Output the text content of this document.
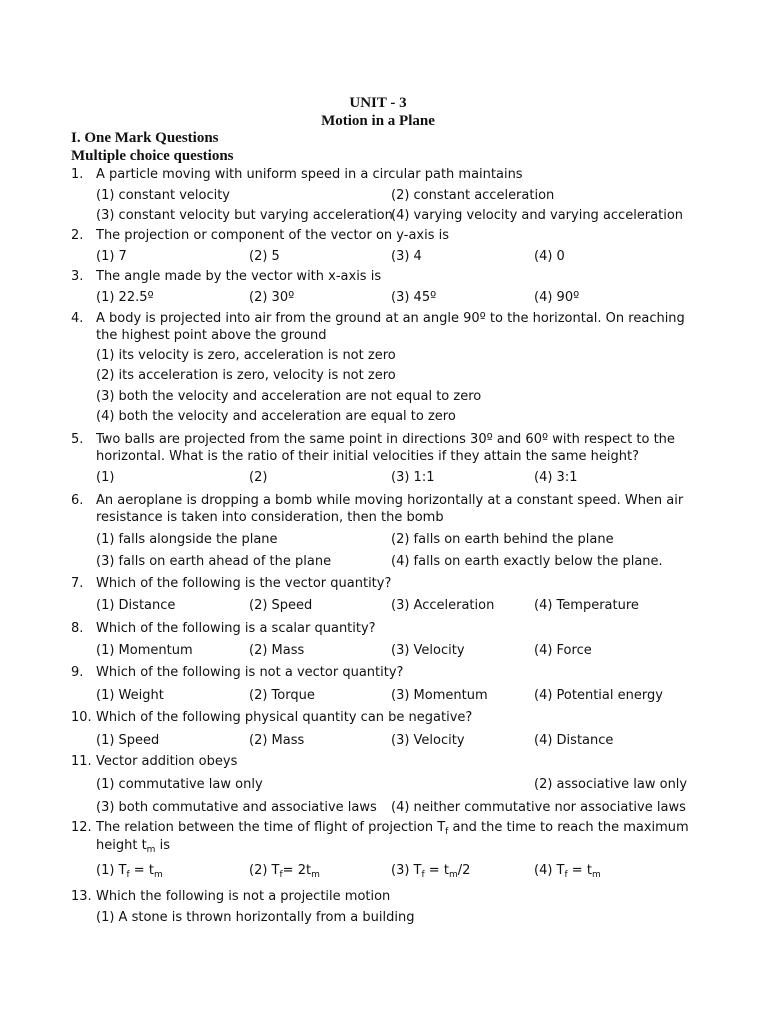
UNIT - 3
Motion in a Plane
I. One Mark Questions
Multiple choice questions
1. A particle moving with uniform speed in a circular path maintains
(1) constant velocity	(2) constant acceleration
(3) constant velocity but varying acceleration
(4) varying velocity and varying acceleration
2. The projection or component of the vector on y-axis is
(1) 7	(2) 5	(3) 4	(4) 0
3. The angle made by the vector with x-axis is
(1) 22.5º	(2) 30º	(3) 45º	(4) 90º
4. A body is projected into air from the ground at an angle 90º to the horizontal. On reaching
the highest point above the ground
(1) its velocity is zero, acceleration is not zero
(2) its acceleration is zero, velocity is not zero
(3) both the velocity and acceleration are not equal to zero
(4) both the velocity and acceleration are equal to zero
5. Two balls are projected from the same point in directions 30º and 60º with respect to the
horizontal. What is the ratio of their initial velocities if they attain the same height?
(1)	(2)	(3) 1:1	(4) 3:1
6. An aeroplane is dropping a bomb while moving horizontally at a constant speed. When air
resistance is taken into consideration, then the bomb
(1) falls alongside the plane	(2) falls on earth behind the plane
(3) falls on earth ahead of the plane	(4) falls on earth exactly below the plane.
7. Which of the following is the vector quantity?
(1) Distance	(2) Speed	(3) Acceleration	(4) Temperature
8. Which of the following is a scalar quantity?
(1) Momentum	(2) Mass	(3) Velocity	(4) Force
9. Which of the following is not a vector quantity?
(1) Weight	(2) Torque	(3) Momentum	(4) Potential energy
10. Which of the following physical quantity can be negative?
(1) Speed	(2) Mass	(3) Velocity	(4) Distance
11. Vector addition obeys
(1) commutative law only	(2) associative law only
(3) both commutative and associative laws (4) neither commutative nor associative laws
12. The relation between the time of flight of projection $T_f$ and the time to reach the maximum
height $t_m$ is
(1) $T_f = t_m$	(2) $T_f= 2t_m$	(3) $T_f = t_m/2$	(4) $T_f = t_m$
13. Which the following is not a projectile motion
(1) A stone is thrown horizontally from a building
